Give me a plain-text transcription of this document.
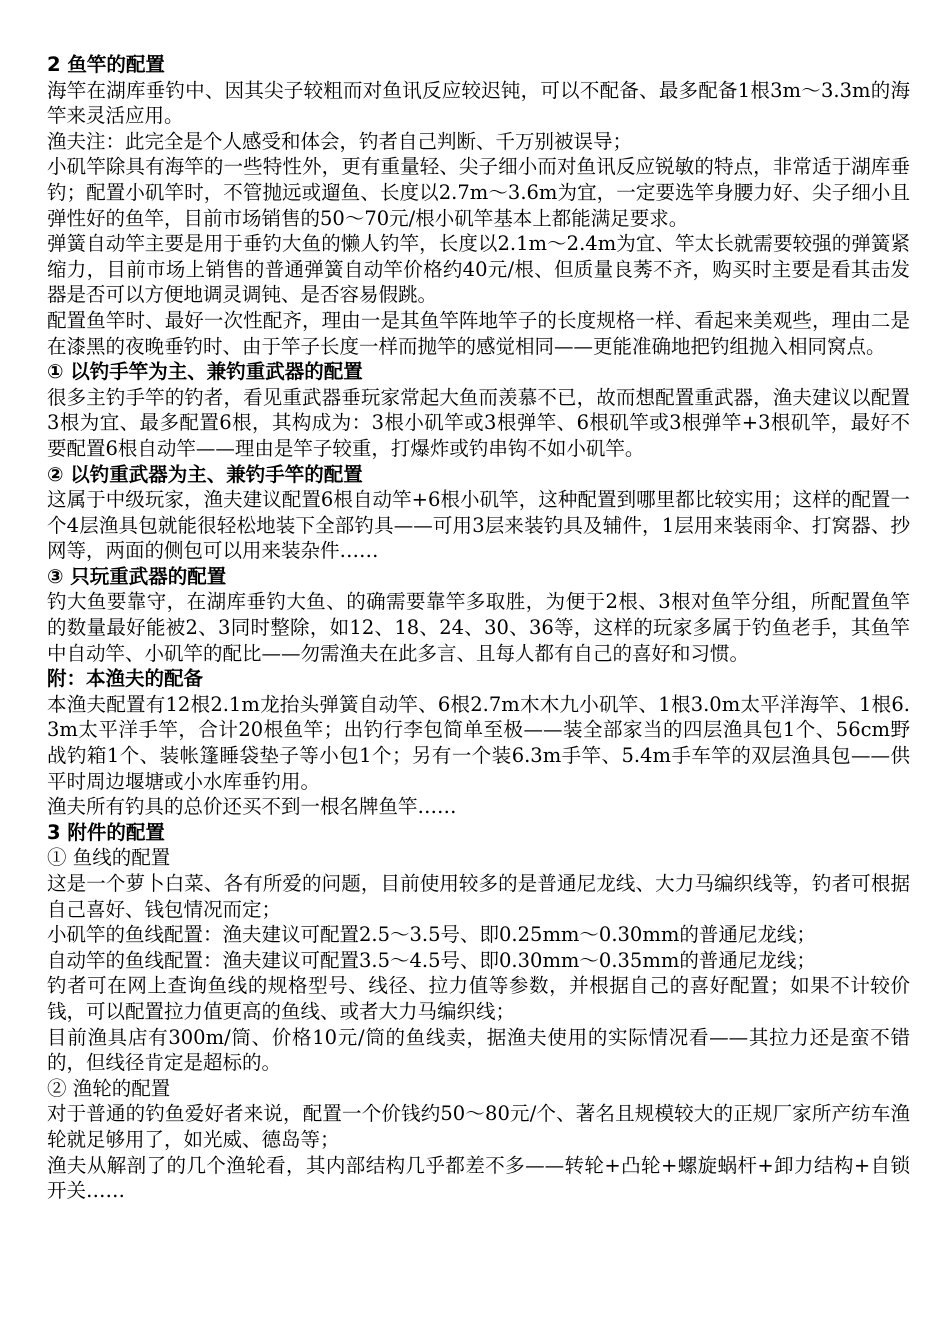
2 鱼竿的配置
海竿在湖库垂钓中、因其尖子较粗而对鱼讯反应较迟钝，可以不配备、最多配备1根3m～3.3m的海竿来灵活应用。
渔夫注：此完全是个人感受和体会，钓者自己判断、千万别被误导；
小矶竿除具有海竿的一些特性外，更有重量轻、尖子细小而对鱼讯反应锐敏的特点，非常适于湖库垂钓；配置小矶竿时，不管抛远或遛鱼、长度以2.7m～3.6m为宜，一定要选竿身腰力好、尖子细小且弹性好的鱼竿，目前市场销售的50～70元/根小矶竿基本上都能满足要求。
弹簧自动竿主要是用于垂钓大鱼的懒人钓竿，长度以2.1m～2.4m为宜、竿太长就需要较强的弹簧紧缩力，目前市场上销售的普通弹簧自动竿价格约40元/根、但质量良莠不齐，购买时主要是看其击发器是否可以方便地调灵调钝、是否容易假跳。
配置鱼竿时、最好一次性配齐，理由一是其鱼竿阵地竿子的长度规格一样、看起来美观些，理由二是在漆黑的夜晚垂钓时、由于竿子长度一样而抛竿的感觉相同——更能准确地把钓组抛入相同窝点。
① 以钓手竿为主、兼钓重武器的配置
很多主钓手竿的钓者，看见重武器垂玩家常起大鱼而羡慕不已，故而想配置重武器，渔夫建议以配置3根为宜、最多配置6根，其构成为：3根小矶竿或3根弹竿、6根矶竿或3根弹竿+3根矶竿，最好不要配置6根自动竿——理由是竿子较重，打爆炸或钓串钩不如小矶竿。
② 以钓重武器为主、兼钓手竿的配置
这属于中级玩家，渔夫建议配置6根自动竿+6根小矶竿，这种配置到哪里都比较实用；这样的配置一个4层渔具包就能很轻松地装下全部钓具——可用3层来装钓具及辅件，1层用来装雨伞、打窝器、抄网等，两面的侧包可以用来装杂件……
③ 只玩重武器的配置
钓大鱼要靠守，在湖库垂钓大鱼、的确需要靠竿多取胜，为便于2根、3根对鱼竿分组，所配置鱼竿的数量最好能被2、3同时整除，如12、18、24、30、36等，这样的玩家多属于钓鱼老手，其鱼竿中自动竿、小矶竿的配比——勿需渔夫在此多言、且每人都有自己的喜好和习惯。
附：本渔夫的配备
本渔夫配置有12根2.1m龙抬头弹簧自动竿、6根2.7m木木九小矶竿、1根3.0m太平洋海竿、1根6.3m太平洋手竿，合计20根鱼竿；出钓行李包简单至极——装全部家当的四层渔具包1个、56cm野战钓箱1个、装帐篷睡袋垫子等小包1个；另有一个装6.3m手竿、5.4m手车竿的双层渔具包——供平时周边堰塘或小水库垂钓用。
渔夫所有钓具的总价还买不到一根名牌鱼竿……
3 附件的配置
① 鱼线的配置
这是一个萝卜白菜、各有所爱的问题，目前使用较多的是普通尼龙线、大力马编织线等，钓者可根据自己喜好、钱包情况而定；
小矶竿的鱼线配置：渔夫建议可配置2.5～3.5号、即0.25mm～0.30mm的普通尼龙线；
自动竿的鱼线配置：渔夫建议可配置3.5～4.5号、即0.30mm～0.35mm的普通尼龙线；
钓者可在网上查询鱼线的规格型号、线径、拉力值等参数，并根据自己的喜好配置；如果不计较价钱，可以配置拉力值更高的鱼线、或者大力马编织线；
目前渔具店有300m/筒、价格10元/筒的鱼线卖，据渔夫使用的实际情况看——其拉力还是蛮不错的，但线径肯定是超标的。
② 渔轮的配置
对于普通的钓鱼爱好者来说，配置一个价钱约50～80元/个、著名且规模较大的正规厂家所产纺车渔轮就足够用了，如光威、德岛等；
渔夫从解剖了的几个渔轮看，其内部结构几乎都差不多——转轮+凸轮+螺旋蜗杆+卸力结构+自锁开关……
